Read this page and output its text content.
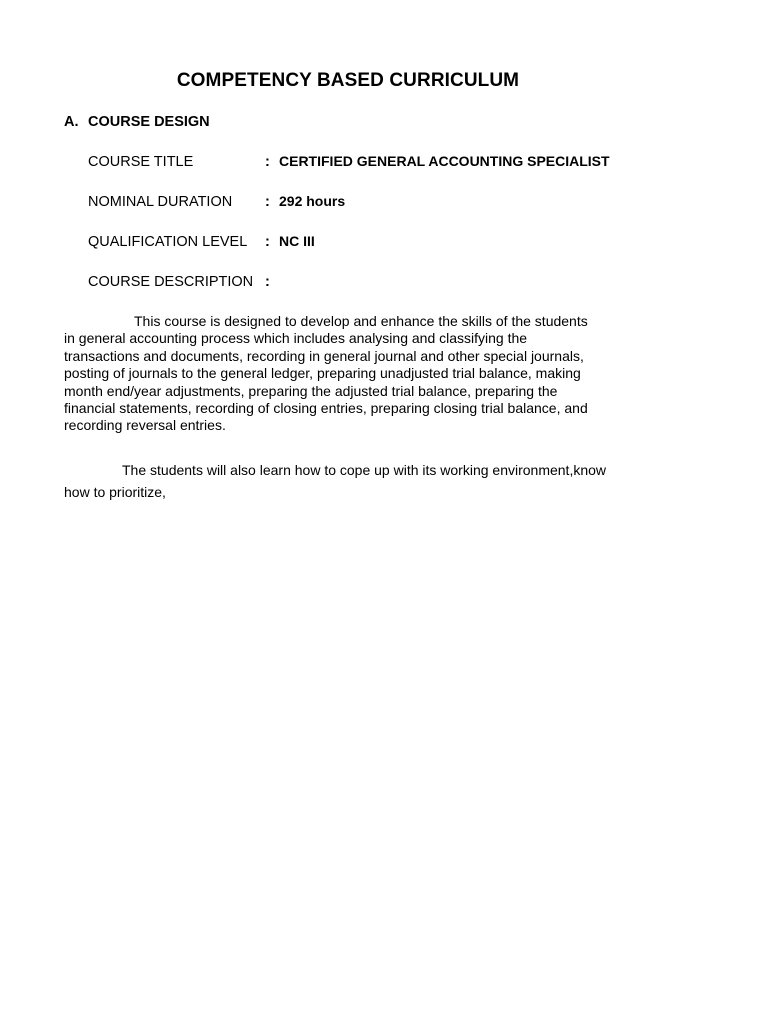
COMPETENCY BASED CURRICULUM
A. COURSE DESIGN
COURSE TITLE	: CERTIFIED GENERAL ACCOUNTING SPECIALIST
NOMINAL DURATION : 292 hours
QUALIFICATION LEVEL : NC III
COURSE DESCRIPTION :
This course is designed to develop and enhance the skills of the students
in general accounting process which includes analysing and classifying the
transactions and documents, recording in general journal and other special journals,
posting of journals to the general ledger, preparing unadjusted trial balance, making
month end/year adjustments, preparing the adjusted trial balance, preparing the
financial statements, recording of closing entries, preparing closing trial balance, and
recording reversal entries.
The students will also learn how to cope up with its working environment,know
how to prioritize,
